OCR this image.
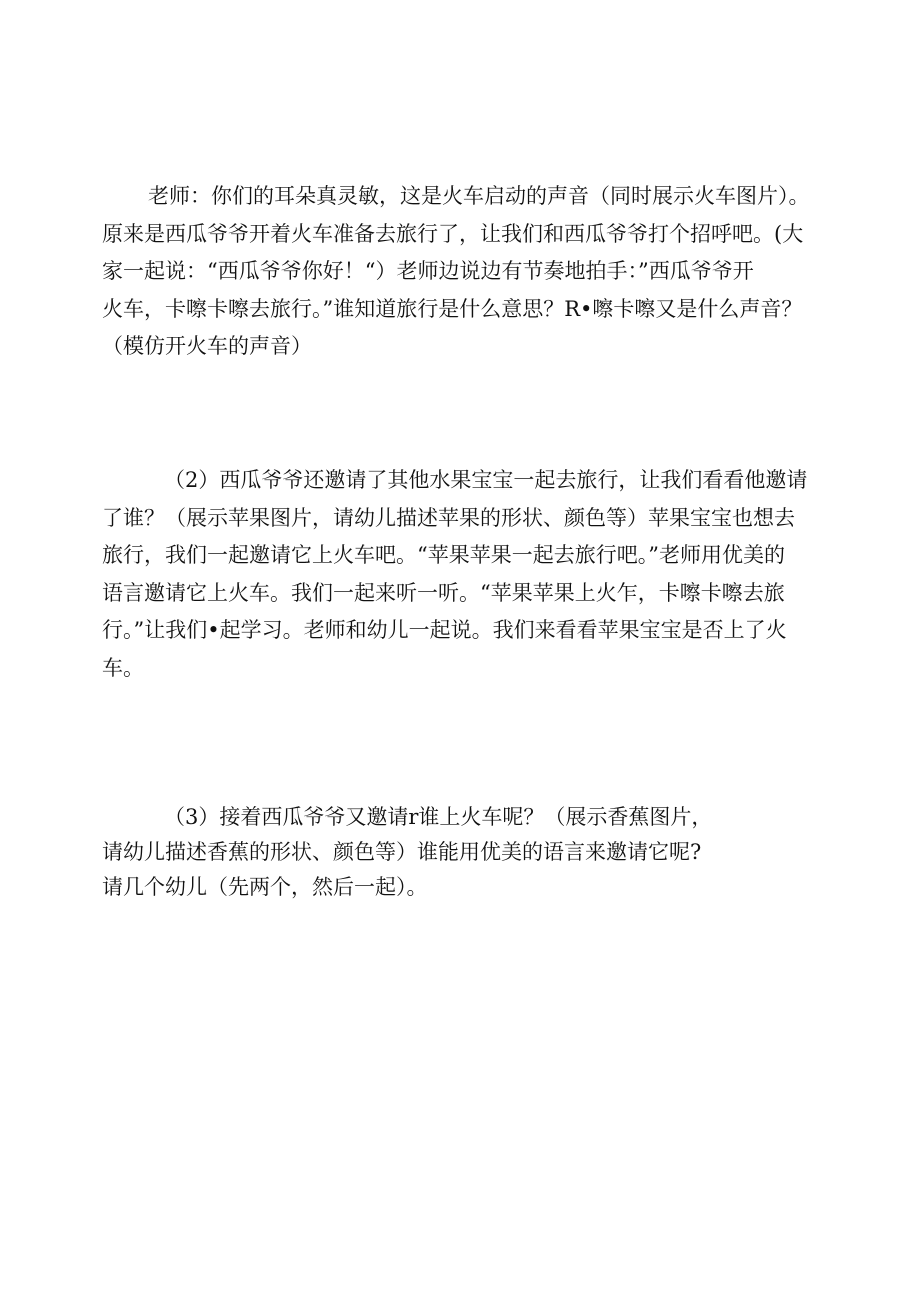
老师：你们的耳朵真灵敏，这是火车启动的声音（同时展示火车图片）。
原来是西瓜爷爷开着火车准备去旅行了，让我们和西瓜爷爷打个招呼吧。(大
家一起说：“西瓜爷爷你好！“）老师边说边有节奏地拍手：”西瓜爷爷开
火车，卡嚓卡嚓去旅行。”谁知道旅行是什么意思？R•嚓卡嚓又是什么声音？
（模仿开火车的声音）
（2）西瓜爷爷还邀请了其他水果宝宝一起去旅行，让我们看看他邀请
了谁？（展示苹果图片，请幼儿描述苹果的形状、颜色等）苹果宝宝也想去
旅行，我们一起邀请它上火车吧。“苹果苹果一起去旅行吧。”老师用优美的
语言邀请它上火车。我们一起来听一听。“苹果苹果上火乍，卡嚓卡嚓去旅
行。”让我们•起学习。老师和幼儿一起说。我们来看看苹果宝宝是否上了火
车。
（3）接着西瓜爷爷又邀请r谁上火车呢？（展示香蕉图片，
请幼儿描述香蕉的形状、颜色等）谁能用优美的语言来邀请它呢?
请几个幼儿（先两个，然后一起）。
